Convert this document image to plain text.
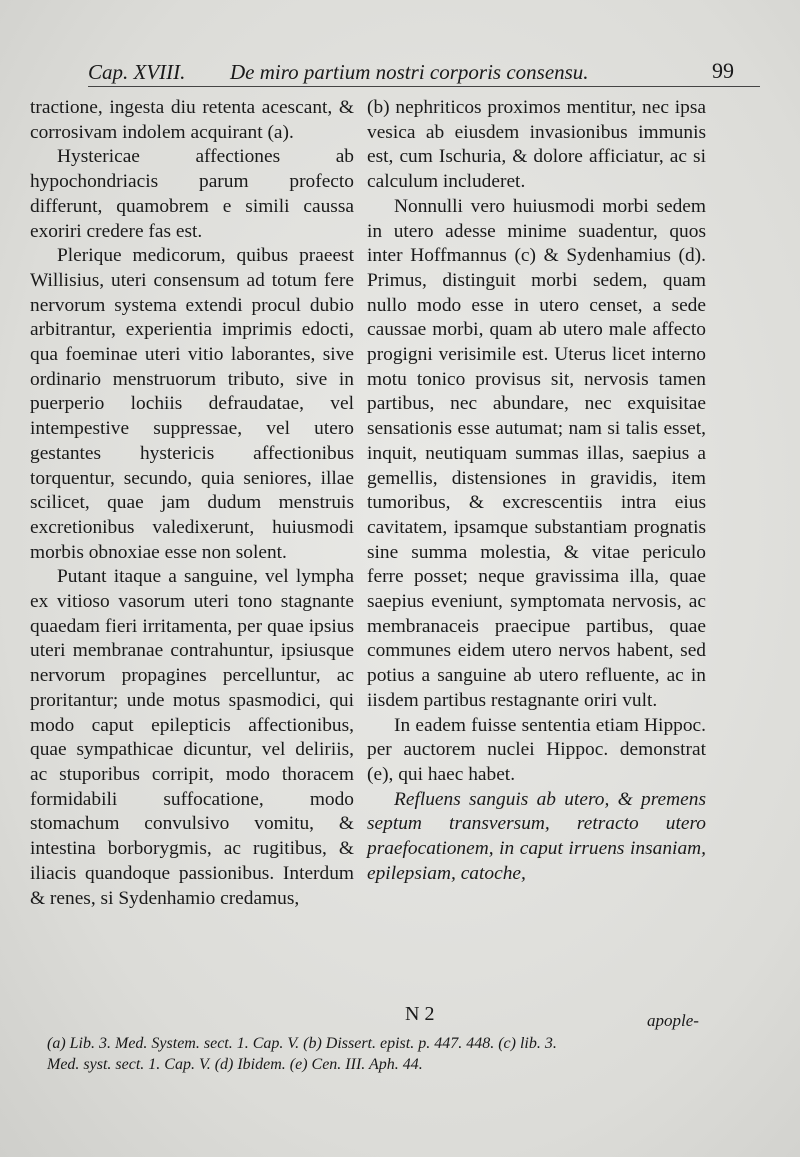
Cap. XVIII. De miro partium nostri corporis consensu.	99

tractione, ingesta diu retenta acescant, & corrosivam indolem acquirant (a).

Hystericae affectiones ab hypochondriacis parum profecto differunt, quamobrem e simili caussa exoriri credere fas est.

Plerique medicorum, quibus praeest Willisius, uteri consensum ad totum fere nervorum systema extendi procul dubio arbitrantur, experientia imprimis edocti, qua foeminae uteri vitio laborantes, sive ordinario menstruorum tributo, sive in puerperio lochiis defraudatae, vel intempestive suppressae, vel utero gestantes hystericis affectionibus torquentur, secundo, quia seniores, illae scilicet, quae jam dudum menstruis excretionibus valedixerunt, huiusmodi morbis obnoxiae esse non solent.

Putant itaque a sanguine, vel lympha ex vitioso vasorum uteri tono stagnante quaedam fieri irritamenta, per quae ipsius uteri membranae contrahuntur, ipsiusque nervorum propagines percelluntur, ac proritantur; unde motus spasmodici, qui modo caput epilepticis affectionibus, quae sympathicae dicuntur, vel deliriis, ac stuporibus corripit, modo thoracem formidabili suffocatione, modo stomachum convulsivo vomitu, & intestina borborygmis, ac rugitibus, & iliacis quandoque passionibus. Interdum & renes, si Sydenhamio credamus,

(b) nephriticos proximos mentitur, nec ipsa vesica ab eiusdem invasionibus immunis est, cum Ischuria, & dolore afficiatur, ac si calculum includeret.

Nonnulli vero huiusmodi morbi sedem in utero adesse minime suadentur, quos inter Hoffmannus (c) & Sydenhamius (d). Primus, distinguit morbi sedem, quam nullo modo esse in utero censet, a sede caussae morbi, quam ab utero male affecto progigni verisimile est. Uterus licet interno motu tonico provisus sit, nervosis tamen partibus, nec abundare, nec exquisitae sensationis esse autumat; nam si talis esset, inquit, neutiquam summas illas, saepius a gemellis, distensiones in gravidis, item tumoribus, & excrescentiis intra eius cavitatem, ipsamque substantiam prognatis sine summa molestia, & vitae periculo ferre posset; neque gravissima illa, quae saepius eveniunt, symptomata nervosis, ac membranaceis praecipue partibus, quae communes eidem utero nervos habent, sed potius a sanguine ab utero refluente, ac in iisdem partibus restagnante oriri vult.

In eadem fuisse sententia etiam Hippoc. per auctorem nuclei Hippoc. demonstrat (e), qui haec habet.

Refluens sanguis ab utero, & premens septum transversum, retracto utero praefocationem, in caput irruens insaniam, epilepsiam, catoche,

N 2	apople-
(a) Lib. 3. Med. System. sect. 1. Cap. V. (b) Dissert. epist. p. 447. 448. (c) lib. 3.
Med. syst. sect. 1. Cap. V. (d) Ibidem. (e) Cen. III. Aph. 44.
